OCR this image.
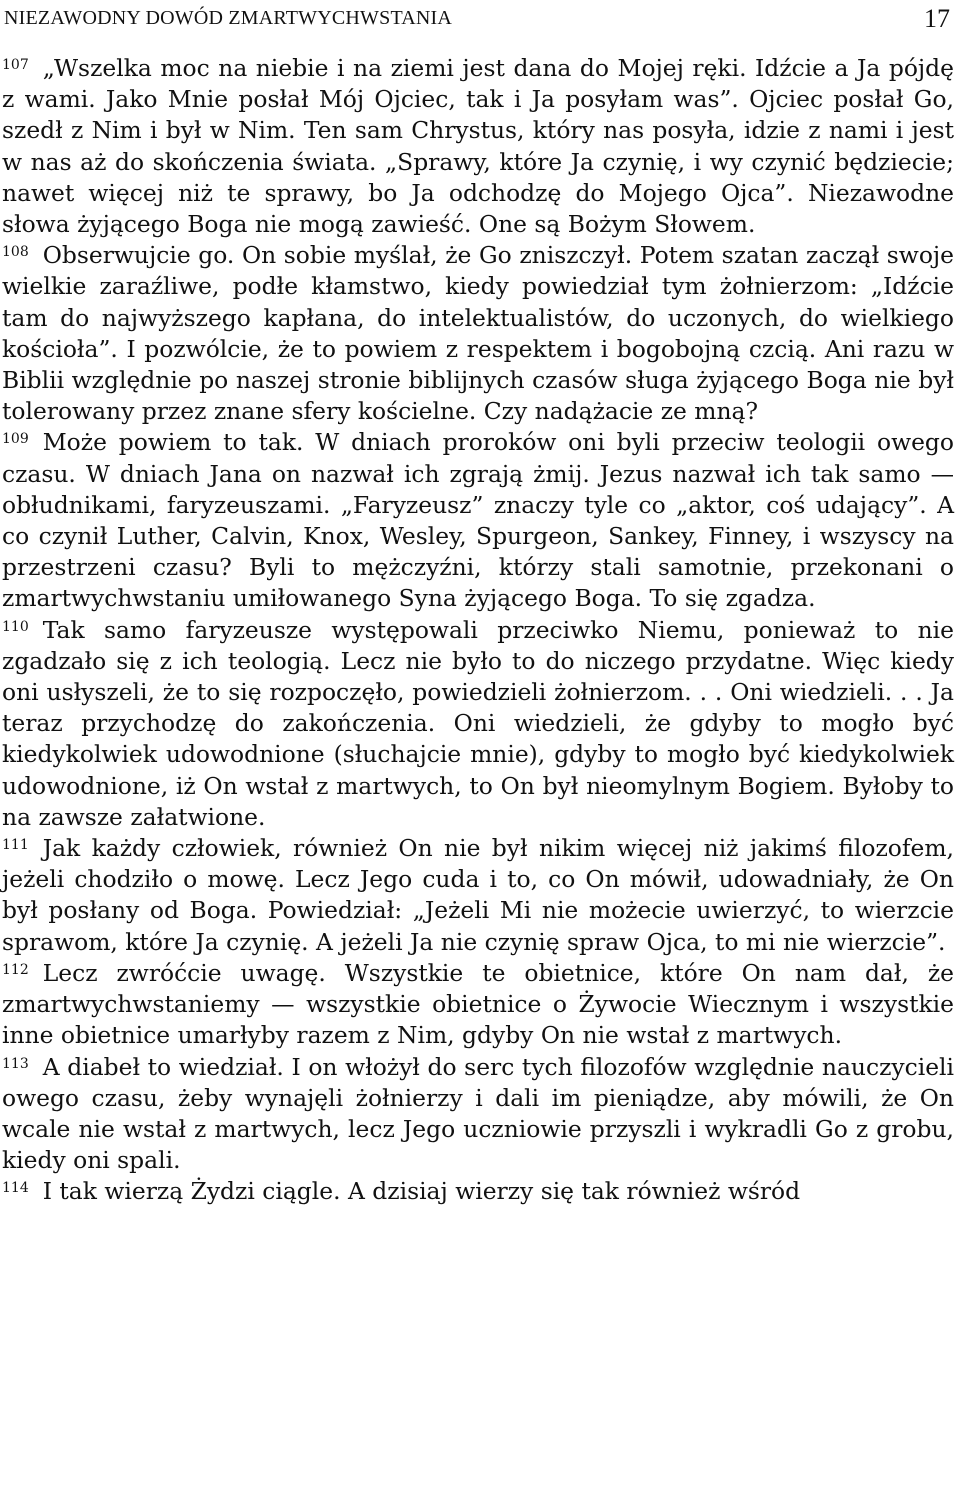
NIEZAWODNY DOWÓD ZMARTWYCHWSTANIA	17

$^{107}$ „Wszelka moc na niebie i na ziemi jest dana do Mojej ręki. Idźcie a Ja pójdę z wami. Jako Mnie posłał Mój Ojciec, tak i Ja posyłam was”. Ojciec posłał Go, szedł z Nim i był w Nim. Ten sam Chrystus, który nas posyła, idzie z nami i jest w nas aż do skończenia świata. „Sprawy, które Ja czynię, i wy czynić będziecie; nawet więcej niż te sprawy, bo Ja odchodzę do Mojego Ojca”. Niezawodne słowa żyjącego Boga nie mogą zawieść. One są Bożym Słowem.

$^{108}$ Obserwujcie go. On sobie myślał, że Go zniszczył. Potem szatan zaczął swoje wielkie zaraźliwe, podłe kłamstwo, kiedy powiedział tym żołnierzom: „Idźcie tam do najwyższego kapłana, do intelektualistów, do uczonych, do wielkiego kościoła”. I pozwólcie, że to powiem z respektem i bogobojną czcią. Ani razu w Biblii względnie po naszej stronie biblijnych czasów sługa żyjącego Boga nie był tolerowany przez znane sfery kościelne. Czy nadążacie ze mną?

$^{109}$ Może powiem to tak. W dniach proroków oni byli przeciw teologii owego czasu. W dniach Jana on nazwał ich zgrają żmij. Jezus nazwał ich tak samo — obłudnikami, faryzeuszami. „Faryzeusz” znaczy tyle co „aktor, coś udający”. A co czynił Luther, Calvin, Knox, Wesley, Spurgeon, Sankey, Finney, i wszyscy na przestrzeni czasu? Byli to mężczyźni, którzy stali samotnie, przekonani o zmartwychwstaniu umiłowanego Syna żyjącego Boga. To się zgadza.

$^{110}$ Tak samo faryzeusze występowali przeciwko Niemu, ponieważ to nie zgadzało się z ich teologią. Lecz nie było to do niczego przydatne. Więc kiedy oni usłyszeli, że to się rozpoczęło, powiedzieli żołnierzom. . . Oni wiedzieli. . . Ja teraz przychodzę do zakończenia. Oni wiedzieli, że gdyby to mogło być kiedykolwiek udowodnione (słuchajcie mnie), gdyby to mogło być kiedykolwiek udowodnione, iż On wstał z martwych, to On był nieomylnym Bogiem. Byłoby to na zawsze załatwione.

$^{111}$ Jak każdy człowiek, również On nie był nikim więcej niż jakimś filozofem, jeżeli chodziło o mowę. Lecz Jego cuda i to, co On mówił, udowadniały, że On był posłany od Boga. Powiedział: „Jeżeli Mi nie możecie uwierzyć, to wierzcie sprawom, które Ja czynię. A jeżeli Ja nie czynię spraw Ojca, to mi nie wierzcie”.

$^{112}$ Lecz zwróćcie uwagę. Wszystkie te obietnice, które On nam dał, że zmartwychwstaniemy — wszystkie obietnice o Żywocie Wiecznym i wszystkie inne obietnice umarłyby razem z Nim, gdyby On nie wstał z martwych.

$^{113}$ A diabeł to wiedział. I on włożył do serc tych filozofów względnie nauczycieli owego czasu, żeby wynajęli żołnierzy i dali im pieniądze, aby mówili, że On wcale nie wstał z martwych, lecz Jego uczniowie przyszli i wykradli Go z grobu, kiedy oni spali.

$^{114}$ I tak wierzą Żydzi ciągle. A dzisiaj wierzy się tak również wśród
